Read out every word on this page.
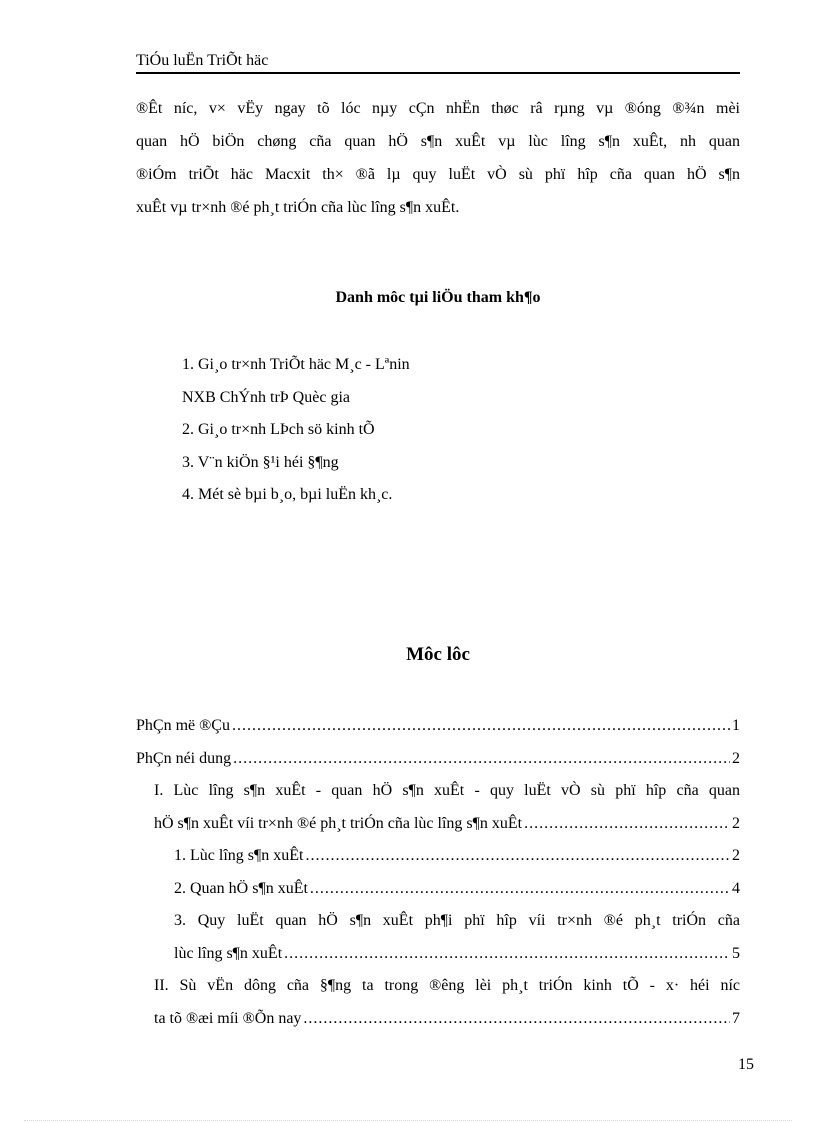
TiÓu luËn TriÕt häc
®Êt níc, v× vËy ngay tõ lóc nµy cÇn nhËn thøc râ rµng vµ ®óng ®¾n mèi
quan hÖ biÖn chøng cña quan hÖ s¶n xuÊt vµ lùc lîng s¶n xuÊt, nh quan
®iÓm triÕt häc Macxit th× ®ã lµ quy luËt vÒ sù phï hîp cña quan hÖ s¶n
xuÊt vµ tr×nh ®é ph¸t triÓn cña lùc lîng s¶n xuÊt.
Danh môc tµi liÖu tham kh¶o
1. Gi¸o tr×nh TriÕt häc M¸c - Lªnin
NXB ChÝnh trÞ Quèc gia
2. Gi¸o tr×nh LÞch sö kinh tÕ
3. V¨n kiÖn §¹i héi §¶ng
4. Mét sè bµi b¸o, bµi luËn kh¸c.
Môc lôc
PhÇn më ®Çu .....	1
PhÇn néi dung .....	2
I. Lùc lîng s¶n xuÊt - quan hÖ s¶n xuÊt - quy luËt vÒ sù phï hîp cña quan
hÖ s¶n xuÊt víi tr×nh ®é ph¸t triÓn cña lùc lîng s¶n xuÊt .....	2
1. Lùc lîng s¶n xuÊt .....	2
2. Quan hÖ s¶n xuÊt .....	4
3. Quy luËt quan hÖ s¶n xuÊt ph¶i phï hîp víi tr×nh ®é ph¸t triÓn cña
lùc lîng s¶n xuÊt .....	5
II. Sù vËn dông cña §¶ng ta trong ®êng lèi ph¸t triÓn kinh tÕ - x· héi níc
ta tõ ®æi míi ®Õn nay .....	7
15
